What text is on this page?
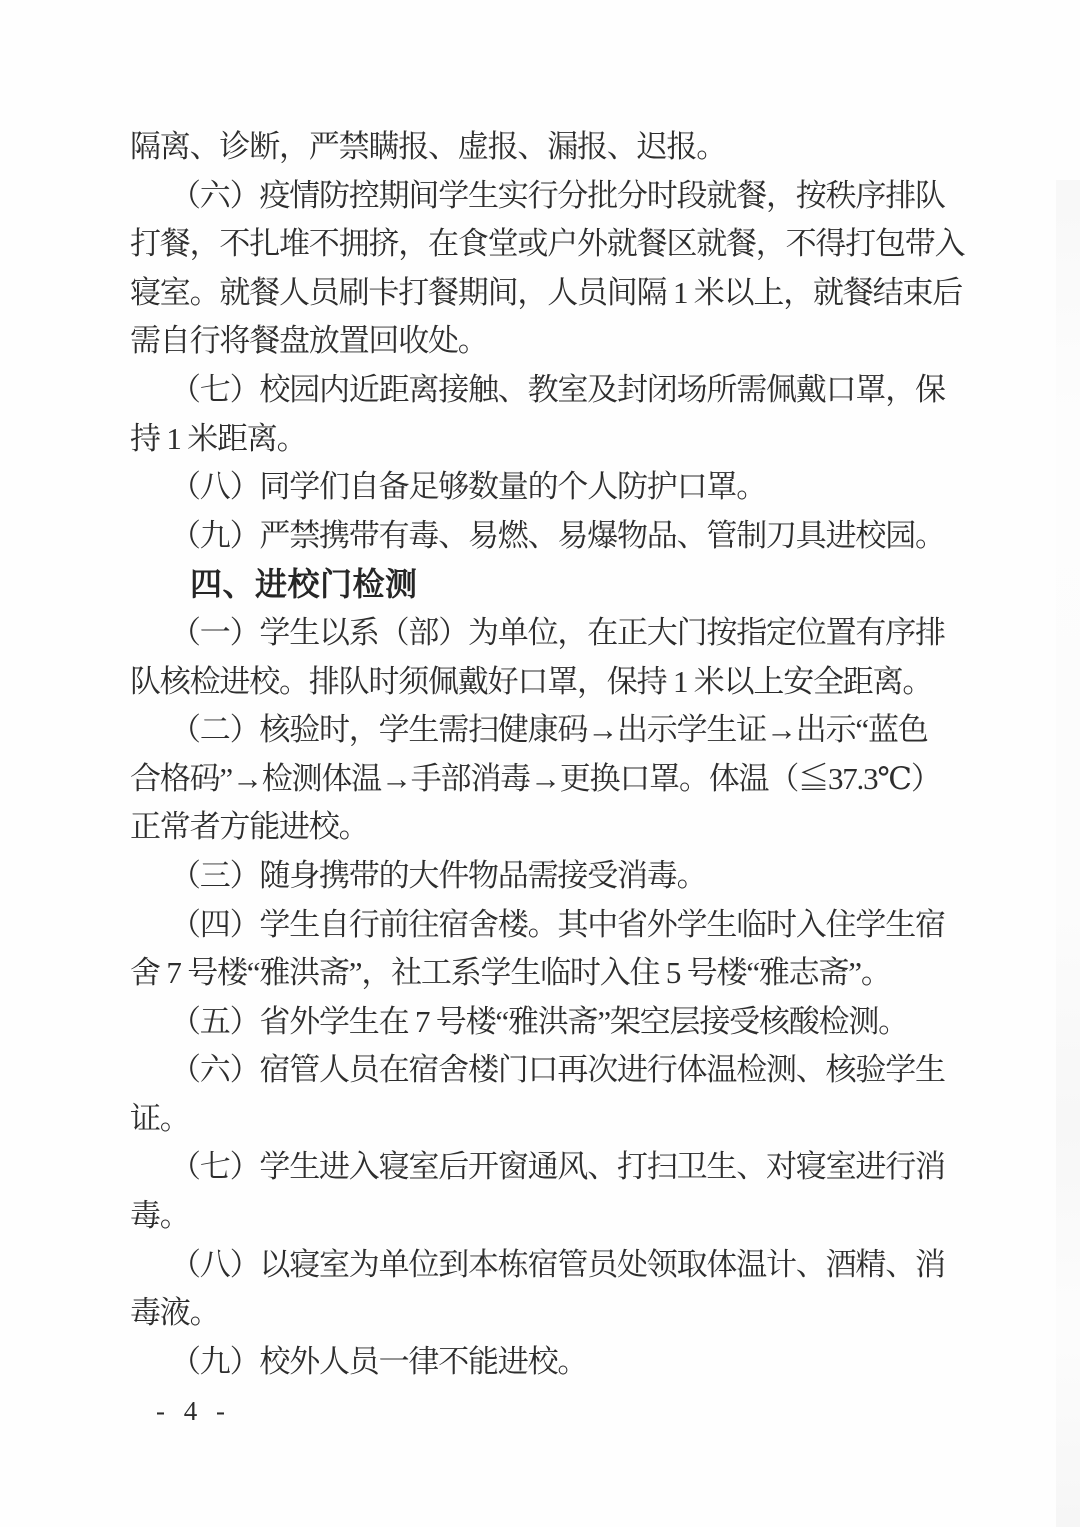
隔离、诊断，严禁瞒报、虚报、漏报、迟报。
（六）疫情防控期间学生实行分批分时段就餐，按秩序排队
打餐，不扎堆不拥挤，在食堂或户外就餐区就餐，不得打包带入
寝室。就餐人员刷卡打餐期间，人员间隔 1 米以上，就餐结束后
需自行将餐盘放置回收处。
（七）校园内近距离接触、教室及封闭场所需佩戴口罩，保
持 1 米距离。
（八）同学们自备足够数量的个人防护口罩。
（九）严禁携带有毒、易燃、易爆物品、管制刀具进校园。
四、进校门检测
（一）学生以系（部）为单位，在正大门按指定位置有序排
队核检进校。排队时须佩戴好口罩，保持 1 米以上安全距离。
（二）核验时，学生需扫健康码→出示学生证→出示“蓝色
合格码”→检测体温→手部消毒→更换口罩。体温（≦37.3℃）
正常者方能进校。
（三）随身携带的大件物品需接受消毒。
（四）学生自行前往宿舍楼。其中省外学生临时入住学生宿
舍 7 号楼“雅洪斋”，社工系学生临时入住 5 号楼“雅志斋”。
（五）省外学生在 7 号楼“雅洪斋”架空层接受核酸检测。
（六）宿管人员在宿舍楼门口再次进行体温检测、核验学生
证。
（七）学生进入寝室后开窗通风、打扫卫生、对寝室进行消
毒。
（八）以寝室为单位到本栋宿管员处领取体温计、酒精、消
毒液。
（九）校外人员一律不能进校。
- 4 -
